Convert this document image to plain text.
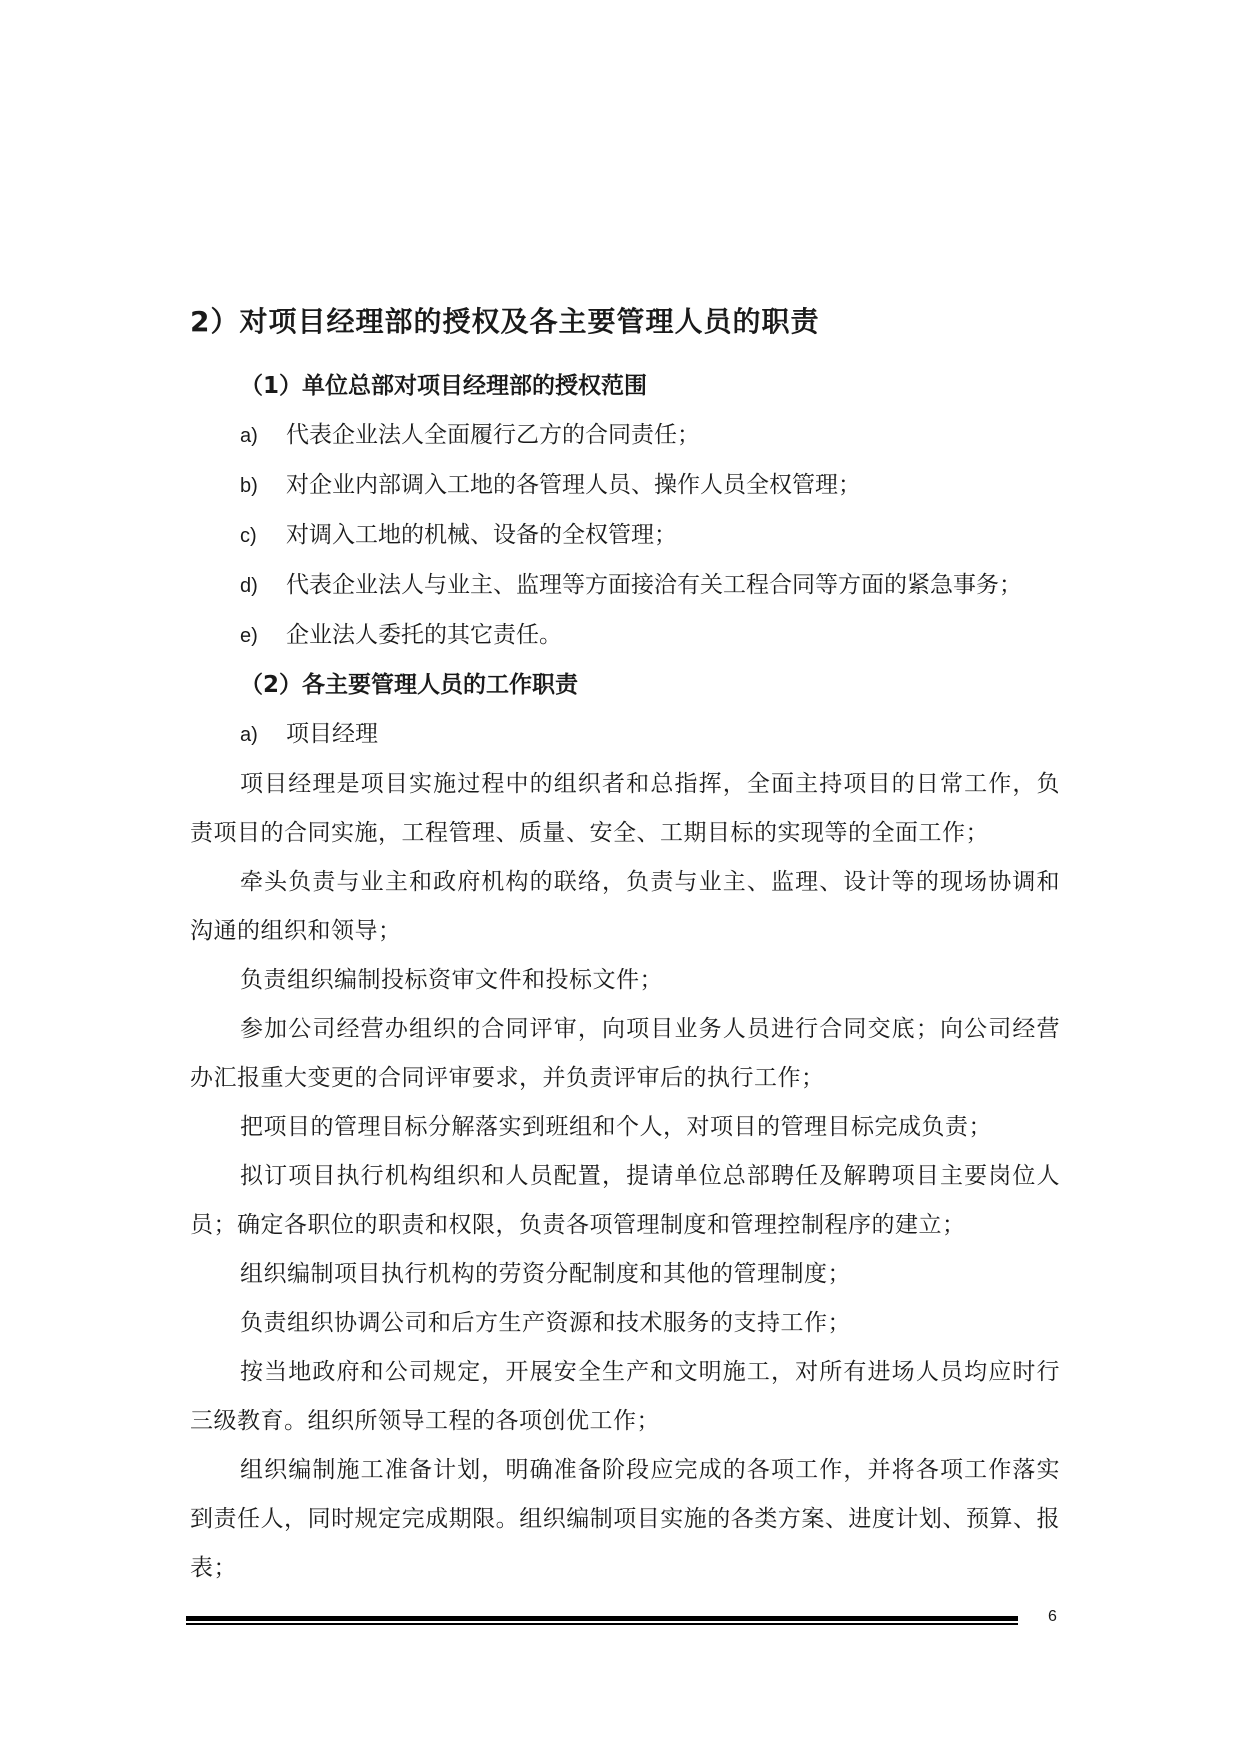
2）对项目经理部的授权及各主要管理人员的职责
（1）单位总部对项目经理部的授权范围
a) 代表企业法人全面履行乙方的合同责任；
b) 对企业内部调入工地的各管理人员、操作人员全权管理；
c) 对调入工地的机械、设备的全权管理；
d) 代表企业法人与业主、监理等方面接洽有关工程合同等方面的紧急事务；
e) 企业法人委托的其它责任。
（2）各主要管理人员的工作职责
a) 项目经理

项目经理是项目实施过程中的组织者和总指挥，全面主持项目的日常工作，负责项目的合同实施，工程管理、质量、安全、工期目标的实现等的全面工作；

牵头负责与业主和政府机构的联络，负责与业主、监理、设计等的现场协调和沟通的组织和领导；

负责组织编制投标资审文件和投标文件；

参加公司经营办组织的合同评审，向项目业务人员进行合同交底；向公司经营办汇报重大变更的合同评审要求，并负责评审后的执行工作；

把项目的管理目标分解落实到班组和个人，对项目的管理目标完成负责；

拟订项目执行机构组织和人员配置，提请单位总部聘任及解聘项目主要岗位人员；确定各职位的职责和权限，负责各项管理制度和管理控制程序的建立；

组织编制项目执行机构的劳资分配制度和其他的管理制度；

负责组织协调公司和后方生产资源和技术服务的支持工作；

按当地政府和公司规定，开展安全生产和文明施工，对所有进场人员均应时行三级教育。组织所领导工程的各项创优工作；

组织编制施工准备计划，明确准备阶段应完成的各项工作，并将各项工作落实到责任人，同时规定完成期限。组织编制项目实施的各类方案、进度计划、预算、报表；

6
